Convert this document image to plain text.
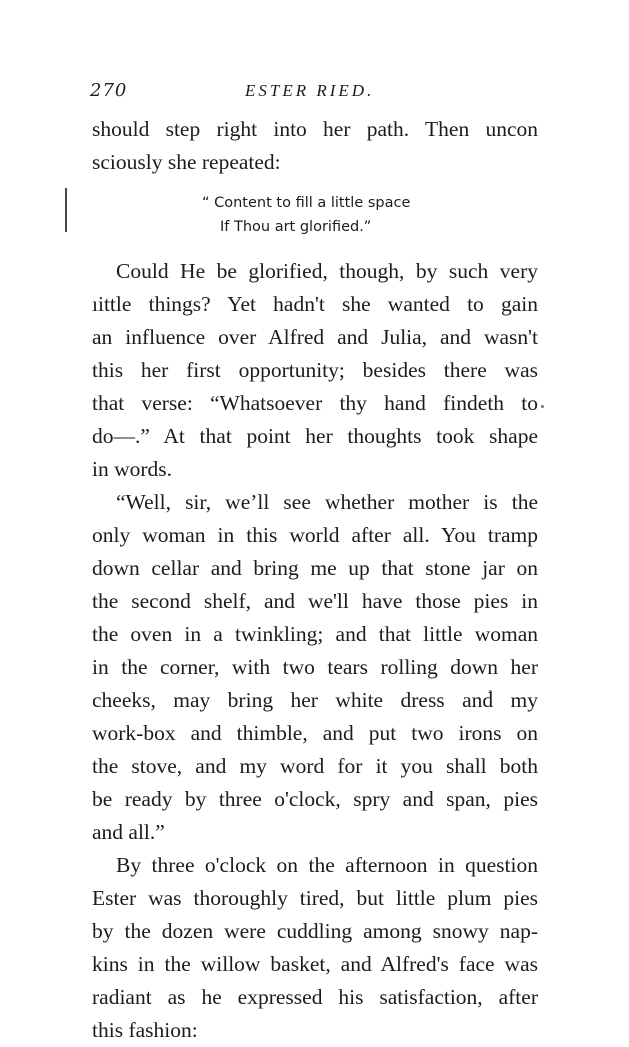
270	ESTER RIED.
should step right into her path. Then uncon
sciously she repeated:
“ Content to fill a little space
If Thou art glorified.”
Could He be glorified, though, by such very
ıittle things? Yet hadn't she wanted to gain
an influence over Alfred and Julia, and wasn't
this her first opportunity; besides there was
that verse: “Whatsoever thy hand findeth to
do—.” At that point her thoughts took shape
in words.
“Well, sir, we’ll see whether mother is the
only woman in this world after all. You tramp
down cellar and bring me up that stone jar on
the second shelf, and we'll have those pies in
the oven in a twinkling; and that little woman
in the corner, with two tears rolling down her
cheeks, may bring her white dress and my
work-box and thimble, and put two irons on
the stove, and my word for it you shall both
be ready by three o'clock, spry and span, pies
and all.”
By three o'clock on the afternoon in question
Ester was thoroughly tired, but little plum pies
by the dozen were cuddling among snowy nap-
kins in the willow basket, and Alfred's face was
radiant as he expressed his satisfaction, after
this fashion:
